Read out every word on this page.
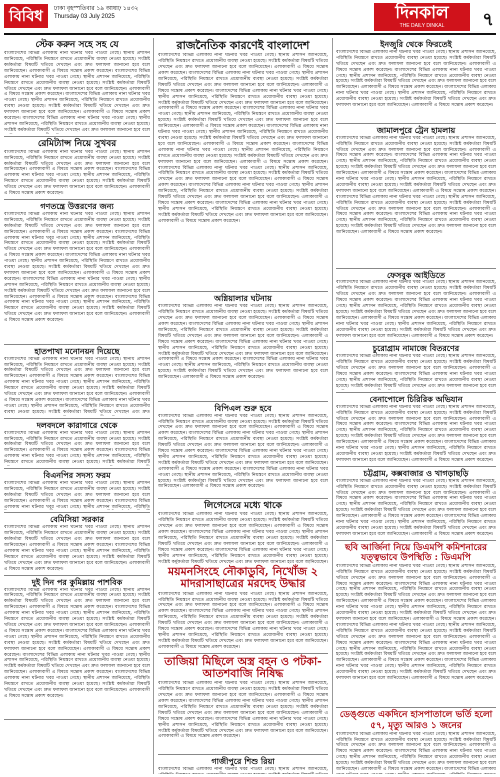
বিবিধ	ঢাকা বৃহস্পতিবার ১৯ আষাঢ় ১৪৩২
Thursday 03 July 2025	দিনকাল
THE DAILY DINKAL	৭
স্টেক করুন সহে সহ যে
বাংলাদেশের বিভিন্ন এলাকায় নানা ঘটনার খবর পাওয়া গেছে। স্থানীয় প্রশাসন জানিয়েছে, পরিস্থিতি নিয়ন্ত্রণে রাখতে প্রয়োজনীয় ব্যবস্থা নেওয়া হয়েছে। সংশ্লিষ্ট কর্মকর্তারা বিষয়টি খতিয়ে দেখছেন এবং দ্রুত ফলাফল জানানো হবে বলে জানিয়েছেন। এলাকাবাসী এ বিষয়ে সন্তোষ প্রকাশ করেছেন। বাংলাদেশের বিভিন্ন এলাকায় নানা ঘটনার খবর পাওয়া গেছে। স্থানীয় প্রশাসন জানিয়েছে, পরিস্থিতি নিয়ন্ত্রণে রাখতে প্রয়োজনীয় ব্যবস্থা নেওয়া হয়েছে। সংশ্লিষ্ট কর্মকর্তারা বিষয়টি খতিয়ে দেখছেন এবং দ্রুত ফলাফল জানানো হবে বলে জানিয়েছেন। এলাকাবাসী এ বিষয়ে সন্তোষ প্রকাশ করেছেন। বাংলাদেশের বিভিন্ন এলাকায় নানা ঘটনার খবর পাওয়া গেছে। স্থানীয় প্রশাসন জানিয়েছে, পরিস্থিতি নিয়ন্ত্রণে রাখতে প্রয়োজনীয় ব্যবস্থা নেওয়া হয়েছে। সংশ্লিষ্ট কর্মকর্তারা বিষয়টি খতিয়ে দেখছেন এবং দ্রুত ফলাফল জানানো হবে বলে জানিয়েছেন। এলাকাবাসী এ বিষয়ে সন্তোষ প্রকাশ করেছেন। বাংলাদেশের বিভিন্ন এলাকায় নানা ঘটনার খবর পাওয়া গেছে। স্থানীয় প্রশাসন জানিয়েছে, পরিস্থিতি নিয়ন্ত্রণে রাখতে প্রয়োজনীয় ব্যবস্থা নেওয়া হয়েছে। সংশ্লিষ্ট কর্মকর্তারা বিষয়টি খতিয়ে দেখছেন এবং দ্রুত ফলাফল জানানো হবে বলে
রেমিট্যান্স নিয়ে সুখবর
বাংলাদেশের বিভিন্ন এলাকায় নানা ঘটনার খবর পাওয়া গেছে। স্থানীয় প্রশাসন জানিয়েছে, পরিস্থিতি নিয়ন্ত্রণে রাখতে প্রয়োজনীয় ব্যবস্থা নেওয়া হয়েছে। সংশ্লিষ্ট কর্মকর্তারা বিষয়টি খতিয়ে দেখছেন এবং দ্রুত ফলাফল জানানো হবে বলে জানিয়েছেন। এলাকাবাসী এ বিষয়ে সন্তোষ প্রকাশ করেছেন। বাংলাদেশের বিভিন্ন এলাকায় নানা ঘটনার খবর পাওয়া গেছে। স্থানীয় প্রশাসন জানিয়েছে, পরিস্থিতি নিয়ন্ত্রণে রাখতে প্রয়োজনীয় ব্যবস্থা নেওয়া হয়েছে। সংশ্লিষ্ট কর্মকর্তারা বিষয়টি খতিয়ে দেখছেন এবং দ্রুত ফলাফল জানানো হবে বলে জানিয়েছেন। এলাকাবাসী এ বিষয়ে সন্তোষ প্রকাশ করেছেন।
গণতন্ত্রে উত্তরণের জন্য
বাংলাদেশের বিভিন্ন এলাকায় নানা ঘটনার খবর পাওয়া গেছে। স্থানীয় প্রশাসন জানিয়েছে, পরিস্থিতি নিয়ন্ত্রণে রাখতে প্রয়োজনীয় ব্যবস্থা নেওয়া হয়েছে। সংশ্লিষ্ট কর্মকর্তারা বিষয়টি খতিয়ে দেখছেন এবং দ্রুত ফলাফল জানানো হবে বলে জানিয়েছেন। এলাকাবাসী এ বিষয়ে সন্তোষ প্রকাশ করেছেন। বাংলাদেশের বিভিন্ন এলাকায় নানা ঘটনার খবর পাওয়া গেছে। স্থানীয় প্রশাসন জানিয়েছে, পরিস্থিতি নিয়ন্ত্রণে রাখতে প্রয়োজনীয় ব্যবস্থা নেওয়া হয়েছে। সংশ্লিষ্ট কর্মকর্তারা বিষয়টি খতিয়ে দেখছেন এবং দ্রুত ফলাফল জানানো হবে বলে জানিয়েছেন। এলাকাবাসী এ বিষয়ে সন্তোষ প্রকাশ করেছেন। বাংলাদেশের বিভিন্ন এলাকায় নানা ঘটনার খবর পাওয়া গেছে। স্থানীয় প্রশাসন জানিয়েছে, পরিস্থিতি নিয়ন্ত্রণে রাখতে প্রয়োজনীয় ব্যবস্থা নেওয়া হয়েছে। সংশ্লিষ্ট কর্মকর্তারা বিষয়টি খতিয়ে দেখছেন এবং দ্রুত ফলাফল জানানো হবে বলে জানিয়েছেন। এলাকাবাসী এ বিষয়ে সন্তোষ প্রকাশ করেছেন। বাংলাদেশের বিভিন্ন এলাকায় নানা ঘটনার খবর পাওয়া গেছে। স্থানীয় প্রশাসন জানিয়েছে, পরিস্থিতি নিয়ন্ত্রণে রাখতে প্রয়োজনীয় ব্যবস্থা নেওয়া হয়েছে। সংশ্লিষ্ট কর্মকর্তারা বিষয়টি খতিয়ে দেখছেন এবং দ্রুত ফলাফল জানানো হবে বলে জানিয়েছেন। এলাকাবাসী এ বিষয়ে সন্তোষ প্রকাশ করেছেন। বাংলাদেশের বিভিন্ন এলাকায় নানা ঘটনার খবর পাওয়া গেছে। স্থানীয় প্রশাসন জানিয়েছে, পরিস্থিতি নিয়ন্ত্রণে রাখতে প্রয়োজনীয় ব্যবস্থা নেওয়া হয়েছে। সংশ্লিষ্ট কর্মকর্তারা বিষয়টি খতিয়ে দেখছেন এবং দ্রুত ফলাফল জানানো হবে বলে জানিয়েছেন। এলাকাবাসী এ বিষয়ে সন্তোষ প্রকাশ করেছেন।
হাতপাখা মনোনয়ন দিয়েছে
বাংলাদেশের বিভিন্ন এলাকায় নানা ঘটনার খবর পাওয়া গেছে। স্থানীয় প্রশাসন জানিয়েছে, পরিস্থিতি নিয়ন্ত্রণে রাখতে প্রয়োজনীয় ব্যবস্থা নেওয়া হয়েছে। সংশ্লিষ্ট কর্মকর্তারা বিষয়টি খতিয়ে দেখছেন এবং দ্রুত ফলাফল জানানো হবে বলে জানিয়েছেন। এলাকাবাসী এ বিষয়ে সন্তোষ প্রকাশ করেছেন। বাংলাদেশের বিভিন্ন এলাকায় নানা ঘটনার খবর পাওয়া গেছে। স্থানীয় প্রশাসন জানিয়েছে, পরিস্থিতি নিয়ন্ত্রণে রাখতে প্রয়োজনীয় ব্যবস্থা নেওয়া হয়েছে। সংশ্লিষ্ট কর্মকর্তারা বিষয়টি খতিয়ে দেখছেন এবং দ্রুত ফলাফল জানানো হবে বলে জানিয়েছেন। এলাকাবাসী এ বিষয়ে সন্তোষ প্রকাশ করেছেন। বাংলাদেশের বিভিন্ন এলাকায় নানা ঘটনার খবর পাওয়া গেছে। স্থানীয় প্রশাসন জানিয়েছে, পরিস্থিতি নিয়ন্ত্রণে রাখতে প্রয়োজনীয় ব্যবস্থা নেওয়া হয়েছে। সংশ্লিষ্ট কর্মকর্তারা বিষয়টি খতিয়ে দেখছেন এবং দ্রুত
দলবদলে কারাগারে থেকে
বাংলাদেশের বিভিন্ন এলাকায় নানা ঘটনার খবর পাওয়া গেছে। স্থানীয় প্রশাসন জানিয়েছে, পরিস্থিতি নিয়ন্ত্রণে রাখতে প্রয়োজনীয় ব্যবস্থা নেওয়া হয়েছে। সংশ্লিষ্ট কর্মকর্তারা বিষয়টি খতিয়ে দেখছেন এবং দ্রুত ফলাফল জানানো হবে বলে জানিয়েছেন। এলাকাবাসী এ বিষয়ে সন্তোষ প্রকাশ করেছেন। বাংলাদেশের বিভিন্ন এলাকায় নানা ঘটনার খবর পাওয়া গেছে। স্থানীয় প্রশাসন জানিয়েছে, পরিস্থিতি নিয়ন্ত্রণে রাখতে প্রয়োজনীয় ব্যবস্থা নেওয়া হয়েছে। সংশ্লিষ্ট কর্মকর্তারা বিষয়টি
বিএনপির সদস্য ফরম
বাংলাদেশের বিভিন্ন এলাকায় নানা ঘটনার খবর পাওয়া গেছে। স্থানীয় প্রশাসন জানিয়েছে, পরিস্থিতি নিয়ন্ত্রণে রাখতে প্রয়োজনীয় ব্যবস্থা নেওয়া হয়েছে। সংশ্লিষ্ট কর্মকর্তারা বিষয়টি খতিয়ে দেখছেন এবং দ্রুত ফলাফল জানানো হবে বলে জানিয়েছেন। এলাকাবাসী এ বিষয়ে সন্তোষ প্রকাশ করেছেন। বাংলাদেশের বিভিন্ন এলাকায় নানা ঘটনার খবর পাওয়া গেছে। স্থানীয় প্রশাসন জানিয়েছে, পরিস্থিতি
বেমিসিয়া সরকার
বাংলাদেশের বিভিন্ন এলাকায় নানা ঘটনার খবর পাওয়া গেছে। স্থানীয় প্রশাসন জানিয়েছে, পরিস্থিতি নিয়ন্ত্রণে রাখতে প্রয়োজনীয় ব্যবস্থা নেওয়া হয়েছে। সংশ্লিষ্ট কর্মকর্তারা বিষয়টি খতিয়ে দেখছেন এবং দ্রুত ফলাফল জানানো হবে বলে জানিয়েছেন। এলাকাবাসী এ বিষয়ে সন্তোষ প্রকাশ করেছেন। বাংলাদেশের বিভিন্ন এলাকায় নানা ঘটনার খবর পাওয়া গেছে। স্থানীয় প্রশাসন জানিয়েছে, পরিস্থিতি নিয়ন্ত্রণে রাখতে প্রয়োজনীয় ব্যবস্থা নেওয়া হয়েছে। সংশ্লিষ্ট কর্মকর্তারা বিষয়টি খতিয়ে দেখছেন এবং দ্রুত ফলাফল জানানো হবে বলে জানিয়েছেন। এলাকাবাসী এ বিষয়ে সন্তোষ প্রকাশ করেছেন।
দুই দিন পর কুমিল্লায় পাশবিক
বাংলাদেশের বিভিন্ন এলাকায় নানা ঘটনার খবর পাওয়া গেছে। স্থানীয় প্রশাসন জানিয়েছে, পরিস্থিতি নিয়ন্ত্রণে রাখতে প্রয়োজনীয় ব্যবস্থা নেওয়া হয়েছে। সংশ্লিষ্ট কর্মকর্তারা বিষয়টি খতিয়ে দেখছেন এবং দ্রুত ফলাফল জানানো হবে বলে জানিয়েছেন। এলাকাবাসী এ বিষয়ে সন্তোষ প্রকাশ করেছেন। বাংলাদেশের বিভিন্ন এলাকায় নানা ঘটনার খবর পাওয়া গেছে। স্থানীয় প্রশাসন জানিয়েছে, পরিস্থিতি নিয়ন্ত্রণে রাখতে প্রয়োজনীয় ব্যবস্থা নেওয়া হয়েছে। সংশ্লিষ্ট কর্মকর্তারা বিষয়টি খতিয়ে দেখছেন এবং দ্রুত ফলাফল জানানো হবে বলে জানিয়েছেন। এলাকাবাসী এ বিষয়ে সন্তোষ প্রকাশ করেছেন। বাংলাদেশের বিভিন্ন এলাকায় নানা ঘটনার খবর পাওয়া গেছে। স্থানীয় প্রশাসন জানিয়েছে, পরিস্থিতি নিয়ন্ত্রণে রাখতে প্রয়োজনীয় ব্যবস্থা নেওয়া হয়েছে। সংশ্লিষ্ট কর্মকর্তারা বিষয়টি খতিয়ে দেখছেন এবং দ্রুত ফলাফল জানানো হবে বলে জানিয়েছেন। এলাকাবাসী এ বিষয়ে সন্তোষ প্রকাশ করেছেন। বাংলাদেশের বিভিন্ন এলাকায় নানা ঘটনার খবর পাওয়া গেছে। স্থানীয় প্রশাসন জানিয়েছে, পরিস্থিতি নিয়ন্ত্রণে রাখতে প্রয়োজনীয় ব্যবস্থা নেওয়া হয়েছে। সংশ্লিষ্ট কর্মকর্তারা বিষয়টি খতিয়ে দেখছেন এবং দ্রুত ফলাফল জানানো হবে বলে জানিয়েছেন। এলাকাবাসী এ বিষয়ে সন্তোষ প্রকাশ করেছেন। বাংলাদেশের বিভিন্ন এলাকায় নানা ঘটনার খবর পাওয়া গেছে। স্থানীয় প্রশাসন জানিয়েছে, পরিস্থিতি নিয়ন্ত্রণে রাখতে প্রয়োজনীয় ব্যবস্থা নেওয়া হয়েছে। সংশ্লিষ্ট কর্মকর্তারা বিষয়টি খতিয়ে দেখছেন এবং দ্রুত ফলাফল জানানো হবে বলে জানিয়েছেন। এলাকাবাসী এ বিষয়ে সন্তোষ প্রকাশ করেছেন।
রাজনৈতিক কারণেই বাংলাদেশ
বাংলাদেশের বিভিন্ন এলাকায় নানা ঘটনার খবর পাওয়া গেছে। স্থানীয় প্রশাসন জানিয়েছে, পরিস্থিতি নিয়ন্ত্রণে রাখতে প্রয়োজনীয় ব্যবস্থা নেওয়া হয়েছে। সংশ্লিষ্ট কর্মকর্তারা বিষয়টি খতিয়ে দেখছেন এবং দ্রুত ফলাফল জানানো হবে বলে জানিয়েছেন। এলাকাবাসী এ বিষয়ে সন্তোষ প্রকাশ করেছেন। বাংলাদেশের বিভিন্ন এলাকায় নানা ঘটনার খবর পাওয়া গেছে। স্থানীয় প্রশাসন জানিয়েছে, পরিস্থিতি নিয়ন্ত্রণে রাখতে প্রয়োজনীয় ব্যবস্থা নেওয়া হয়েছে। সংশ্লিষ্ট কর্মকর্তারা বিষয়টি খতিয়ে দেখছেন এবং দ্রুত ফলাফল জানানো হবে বলে জানিয়েছেন। এলাকাবাসী এ বিষয়ে সন্তোষ প্রকাশ করেছেন। বাংলাদেশের বিভিন্ন এলাকায় নানা ঘটনার খবর পাওয়া গেছে। স্থানীয় প্রশাসন জানিয়েছে, পরিস্থিতি নিয়ন্ত্রণে রাখতে প্রয়োজনীয় ব্যবস্থা নেওয়া হয়েছে। সংশ্লিষ্ট কর্মকর্তারা বিষয়টি খতিয়ে দেখছেন এবং দ্রুত ফলাফল জানানো হবে বলে জানিয়েছেন। এলাকাবাসী এ বিষয়ে সন্তোষ প্রকাশ করেছেন। বাংলাদেশের বিভিন্ন এলাকায় নানা ঘটনার খবর পাওয়া গেছে। স্থানীয় প্রশাসন জানিয়েছে, পরিস্থিতি নিয়ন্ত্রণে রাখতে প্রয়োজনীয় ব্যবস্থা নেওয়া হয়েছে। সংশ্লিষ্ট কর্মকর্তারা বিষয়টি খতিয়ে দেখছেন এবং দ্রুত ফলাফল জানানো হবে বলে জানিয়েছেন। এলাকাবাসী এ বিষয়ে সন্তোষ প্রকাশ করেছেন। বাংলাদেশের বিভিন্ন এলাকায় নানা ঘটনার খবর পাওয়া গেছে। স্থানীয় প্রশাসন জানিয়েছে, পরিস্থিতি নিয়ন্ত্রণে রাখতে প্রয়োজনীয় ব্যবস্থা নেওয়া হয়েছে। সংশ্লিষ্ট কর্মকর্তারা বিষয়টি খতিয়ে দেখছেন এবং দ্রুত ফলাফল জানানো হবে বলে জানিয়েছেন। এলাকাবাসী এ বিষয়ে সন্তোষ প্রকাশ করেছেন। বাংলাদেশের বিভিন্ন এলাকায় নানা ঘটনার খবর পাওয়া গেছে। স্থানীয় প্রশাসন জানিয়েছে, পরিস্থিতি নিয়ন্ত্রণে রাখতে প্রয়োজনীয় ব্যবস্থা নেওয়া হয়েছে। সংশ্লিষ্ট কর্মকর্তারা বিষয়টি খতিয়ে দেখছেন এবং দ্রুত ফলাফল জানানো হবে বলে জানিয়েছেন। এলাকাবাসী এ বিষয়ে সন্তোষ প্রকাশ করেছেন। বাংলাদেশের বিভিন্ন এলাকায় নানা ঘটনার খবর পাওয়া গেছে। স্থানীয় প্রশাসন জানিয়েছে, পরিস্থিতি নিয়ন্ত্রণে রাখতে প্রয়োজনীয় ব্যবস্থা নেওয়া হয়েছে। সংশ্লিষ্ট কর্মকর্তারা বিষয়টি খতিয়ে দেখছেন এবং দ্রুত ফলাফল জানানো হবে বলে জানিয়েছেন। এলাকাবাসী এ বিষয়ে সন্তোষ প্রকাশ করেছেন। বাংলাদেশের বিভিন্ন এলাকায় নানা ঘটনার খবর পাওয়া গেছে। স্থানীয় প্রশাসন জানিয়েছে, পরিস্থিতি নিয়ন্ত্রণে রাখতে প্রয়োজনীয় ব্যবস্থা নেওয়া হয়েছে। সংশ্লিষ্ট কর্মকর্তারা বিষয়টি খতিয়ে দেখছেন এবং দ্রুত ফলাফল জানানো হবে বলে জানিয়েছেন। এলাকাবাসী এ বিষয়ে সন্তোষ প্রকাশ করেছেন। বাংলাদেশের বিভিন্ন এলাকায় নানা ঘটনার খবর পাওয়া গেছে। স্থানীয় প্রশাসন জানিয়েছে, পরিস্থিতি নিয়ন্ত্রণে রাখতে প্রয়োজনীয় ব্যবস্থা নেওয়া হয়েছে। সংশ্লিষ্ট কর্মকর্তারা বিষয়টি খতিয়ে দেখছেন এবং দ্রুত ফলাফল জানানো হবে বলে জানিয়েছেন। এলাকাবাসী এ বিষয়ে সন্তোষ প্রকাশ করেছেন।
অগ্নিয়ালার ঘটনায়
বাংলাদেশের বিভিন্ন এলাকায় নানা ঘটনার খবর পাওয়া গেছে। স্থানীয় প্রশাসন জানিয়েছে, পরিস্থিতি নিয়ন্ত্রণে রাখতে প্রয়োজনীয় ব্যবস্থা নেওয়া হয়েছে। সংশ্লিষ্ট কর্মকর্তারা বিষয়টি খতিয়ে দেখছেন এবং দ্রুত ফলাফল জানানো হবে বলে জানিয়েছেন। এলাকাবাসী এ বিষয়ে সন্তোষ প্রকাশ করেছেন। বাংলাদেশের বিভিন্ন এলাকায় নানা ঘটনার খবর পাওয়া গেছে। স্থানীয় প্রশাসন জানিয়েছে, পরিস্থিতি নিয়ন্ত্রণে রাখতে প্রয়োজনীয় ব্যবস্থা নেওয়া হয়েছে। সংশ্লিষ্ট কর্মকর্তারা বিষয়টি খতিয়ে দেখছেন এবং দ্রুত ফলাফল জানানো হবে বলে জানিয়েছেন। এলাকাবাসী এ বিষয়ে সন্তোষ প্রকাশ করেছেন। বাংলাদেশের বিভিন্ন এলাকায় নানা ঘটনার খবর পাওয়া গেছে। স্থানীয় প্রশাসন জানিয়েছে, পরিস্থিতি নিয়ন্ত্রণে রাখতে প্রয়োজনীয় ব্যবস্থা নেওয়া হয়েছে। সংশ্লিষ্ট কর্মকর্তারা বিষয়টি খতিয়ে দেখছেন এবং দ্রুত ফলাফল জানানো হবে বলে জানিয়েছেন। এলাকাবাসী এ বিষয়ে সন্তোষ প্রকাশ করেছেন। বাংলাদেশের বিভিন্ন এলাকায় নানা ঘটনার খবর পাওয়া গেছে। স্থানীয় প্রশাসন জানিয়েছে, পরিস্থিতি নিয়ন্ত্রণে রাখতে প্রয়োজনীয় ব্যবস্থা নেওয়া হয়েছে। সংশ্লিষ্ট কর্মকর্তারা বিষয়টি খতিয়ে দেখছেন এবং দ্রুত ফলাফল জানানো হবে বলে জানিয়েছেন। এলাকাবাসী এ বিষয়ে সন্তোষ প্রকাশ করেছেন।
বিপিএল শুরু হবে
বাংলাদেশের বিভিন্ন এলাকায় নানা ঘটনার খবর পাওয়া গেছে। স্থানীয় প্রশাসন জানিয়েছে, পরিস্থিতি নিয়ন্ত্রণে রাখতে প্রয়োজনীয় ব্যবস্থা নেওয়া হয়েছে। সংশ্লিষ্ট কর্মকর্তারা বিষয়টি খতিয়ে দেখছেন এবং দ্রুত ফলাফল জানানো হবে বলে জানিয়েছেন। এলাকাবাসী এ বিষয়ে সন্তোষ প্রকাশ করেছেন। বাংলাদেশের বিভিন্ন এলাকায় নানা ঘটনার খবর পাওয়া গেছে। স্থানীয় প্রশাসন জানিয়েছে, পরিস্থিতি নিয়ন্ত্রণে রাখতে প্রয়োজনীয় ব্যবস্থা নেওয়া হয়েছে। সংশ্লিষ্ট কর্মকর্তারা বিষয়টি খতিয়ে দেখছেন এবং দ্রুত ফলাফল জানানো হবে বলে জানিয়েছেন। এলাকাবাসী এ বিষয়ে সন্তোষ প্রকাশ করেছেন। বাংলাদেশের বিভিন্ন এলাকায় নানা ঘটনার খবর পাওয়া গেছে। স্থানীয় প্রশাসন জানিয়েছে, পরিস্থিতি নিয়ন্ত্রণে রাখতে প্রয়োজনীয় ব্যবস্থা নেওয়া হয়েছে। সংশ্লিষ্ট কর্মকর্তারা বিষয়টি খতিয়ে দেখছেন এবং দ্রুত ফলাফল জানানো হবে বলে জানিয়েছেন। এলাকাবাসী এ বিষয়ে সন্তোষ প্রকাশ করেছেন। বাংলাদেশের বিভিন্ন এলাকায় নানা ঘটনার খবর পাওয়া গেছে। স্থানীয় প্রশাসন জানিয়েছে, পরিস্থিতি নিয়ন্ত্রণে রাখতে প্রয়োজনীয় ব্যবস্থা নেওয়া হয়েছে। সংশ্লিষ্ট কর্মকর্তারা বিষয়টি খতিয়ে দেখছেন এবং দ্রুত ফলাফল জানানো হবে বলে জানিয়েছেন। এলাকাবাসী এ বিষয়ে সন্তোষ প্রকাশ করেছেন।
লিগেসেরে মধ্যে থাকে
বাংলাদেশের বিভিন্ন এলাকায় নানা ঘটনার খবর পাওয়া গেছে। স্থানীয় প্রশাসন জানিয়েছে, পরিস্থিতি নিয়ন্ত্রণে রাখতে প্রয়োজনীয় ব্যবস্থা নেওয়া হয়েছে। সংশ্লিষ্ট কর্মকর্তারা বিষয়টি খতিয়ে দেখছেন এবং দ্রুত ফলাফল জানানো হবে বলে জানিয়েছেন। এলাকাবাসী এ বিষয়ে সন্তোষ প্রকাশ করেছেন। বাংলাদেশের বিভিন্ন এলাকায় নানা ঘটনার খবর পাওয়া গেছে। স্থানীয় প্রশাসন জানিয়েছে, পরিস্থিতি নিয়ন্ত্রণে রাখতে প্রয়োজনীয় ব্যবস্থা নেওয়া হয়েছে। সংশ্লিষ্ট কর্মকর্তারা বিষয়টি খতিয়ে দেখছেন এবং দ্রুত ফলাফল জানানো হবে বলে জানিয়েছেন। এলাকাবাসী এ বিষয়ে সন্তোষ প্রকাশ করেছেন। বাংলাদেশের বিভিন্ন এলাকায় নানা ঘটনার খবর পাওয়া গেছে। স্থানীয় প্রশাসন জানিয়েছে, পরিস্থিতি নিয়ন্ত্রণে রাখতে প্রয়োজনীয় ব্যবস্থা নেওয়া হয়েছে। সংশ্লিষ্ট কর্মকর্তারা বিষয়টি খতিয়ে দেখছেন এবং দ্রুত ফলাফল জানানো হবে বলে জানিয়েছেন।
ময়মনসিংহে নৌকাডুবি, নিখোঁজ ২ মাদরাসাছাত্রের মরদেহ উদ্ধার
বাংলাদেশের বিভিন্ন এলাকায় নানা ঘটনার খবর পাওয়া গেছে। স্থানীয় প্রশাসন জানিয়েছে, পরিস্থিতি নিয়ন্ত্রণে রাখতে প্রয়োজনীয় ব্যবস্থা নেওয়া হয়েছে। সংশ্লিষ্ট কর্মকর্তারা বিষয়টি খতিয়ে দেখছেন এবং দ্রুত ফলাফল জানানো হবে বলে জানিয়েছেন। এলাকাবাসী এ বিষয়ে সন্তোষ প্রকাশ করেছেন। বাংলাদেশের বিভিন্ন এলাকায় নানা ঘটনার খবর পাওয়া গেছে। স্থানীয় প্রশাসন জানিয়েছে, পরিস্থিতি নিয়ন্ত্রণে রাখতে প্রয়োজনীয় ব্যবস্থা নেওয়া হয়েছে। সংশ্লিষ্ট কর্মকর্তারা বিষয়টি খতিয়ে দেখছেন এবং দ্রুত ফলাফল জানানো হবে বলে জানিয়েছেন। এলাকাবাসী এ বিষয়ে সন্তোষ প্রকাশ করেছেন। বাংলাদেশের বিভিন্ন এলাকায় নানা ঘটনার খবর পাওয়া গেছে। স্থানীয় প্রশাসন জানিয়েছে, পরিস্থিতি নিয়ন্ত্রণে রাখতে প্রয়োজনীয় ব্যবস্থা নেওয়া হয়েছে। সংশ্লিষ্ট কর্মকর্তারা বিষয়টি খতিয়ে দেখছেন এবং দ্রুত ফলাফল জানানো হবে বলে জানিয়েছেন। এলাকাবাসী এ বিষয়ে সন্তোষ প্রকাশ করেছেন।
তাজিয়া মিছিলে অস্ত্র বহন ও পটকা-আতশবাজি নিষিদ্ধ
বাংলাদেশের বিভিন্ন এলাকায় নানা ঘটনার খবর পাওয়া গেছে। স্থানীয় প্রশাসন জানিয়েছে, পরিস্থিতি নিয়ন্ত্রণে রাখতে প্রয়োজনীয় ব্যবস্থা নেওয়া হয়েছে। সংশ্লিষ্ট কর্মকর্তারা বিষয়টি খতিয়ে দেখছেন এবং দ্রুত ফলাফল জানানো হবে বলে জানিয়েছেন। এলাকাবাসী এ বিষয়ে সন্তোষ প্রকাশ করেছেন। বাংলাদেশের বিভিন্ন এলাকায় নানা ঘটনার খবর পাওয়া গেছে। স্থানীয় প্রশাসন জানিয়েছে, পরিস্থিতি নিয়ন্ত্রণে রাখতে প্রয়োজনীয় ব্যবস্থা নেওয়া হয়েছে। সংশ্লিষ্ট কর্মকর্তারা বিষয়টি খতিয়ে দেখছেন এবং দ্রুত ফলাফল জানানো হবে বলে জানিয়েছেন। এলাকাবাসী এ বিষয়ে সন্তোষ প্রকাশ করেছেন। বাংলাদেশের বিভিন্ন এলাকায় নানা ঘটনার খবর পাওয়া গেছে। স্থানীয় প্রশাসন জানিয়েছে, পরিস্থিতি নিয়ন্ত্রণে রাখতে প্রয়োজনীয় ব্যবস্থা নেওয়া হয়েছে। সংশ্লিষ্ট কর্মকর্তারা বিষয়টি খতিয়ে দেখছেন এবং দ্রুত ফলাফল জানানো হবে বলে জানিয়েছেন। এলাকাবাসী এ বিষয়ে সন্তোষ প্রকাশ করেছেন।
গাজীপুরে শিশু রিয়া
বাংলাদেশের বিভিন্ন এলাকায় নানা ঘটনার খবর পাওয়া গেছে। স্থানীয় প্রশাসন জানিয়েছে,
ইনজুরি থেকে ফিরতেই
বাংলাদেশের বিভিন্ন এলাকায় নানা ঘটনার খবর পাওয়া গেছে। স্থানীয় প্রশাসন জানিয়েছে, পরিস্থিতি নিয়ন্ত্রণে রাখতে প্রয়োজনীয় ব্যবস্থা নেওয়া হয়েছে। সংশ্লিষ্ট কর্মকর্তারা বিষয়টি খতিয়ে দেখছেন এবং দ্রুত ফলাফল জানানো হবে বলে জানিয়েছেন। এলাকাবাসী এ বিষয়ে সন্তোষ প্রকাশ করেছেন। বাংলাদেশের বিভিন্ন এলাকায় নানা ঘটনার খবর পাওয়া গেছে। স্থানীয় প্রশাসন জানিয়েছে, পরিস্থিতি নিয়ন্ত্রণে রাখতে প্রয়োজনীয় ব্যবস্থা নেওয়া হয়েছে। সংশ্লিষ্ট কর্মকর্তারা বিষয়টি খতিয়ে দেখছেন এবং দ্রুত ফলাফল জানানো হবে বলে জানিয়েছেন। এলাকাবাসী এ বিষয়ে সন্তোষ প্রকাশ করেছেন। বাংলাদেশের বিভিন্ন এলাকায় নানা ঘটনার খবর পাওয়া গেছে। স্থানীয় প্রশাসন জানিয়েছে, পরিস্থিতি নিয়ন্ত্রণে রাখতে প্রয়োজনীয় ব্যবস্থা নেওয়া হয়েছে। সংশ্লিষ্ট কর্মকর্তারা বিষয়টি খতিয়ে দেখছেন এবং দ্রুত ফলাফল জানানো হবে বলে জানিয়েছেন। এলাকাবাসী এ বিষয়ে সন্তোষ প্রকাশ করেছেন।
জামালপুরে ট্রেন হামলায়
বাংলাদেশের বিভিন্ন এলাকায় নানা ঘটনার খবর পাওয়া গেছে। স্থানীয় প্রশাসন জানিয়েছে, পরিস্থিতি নিয়ন্ত্রণে রাখতে প্রয়োজনীয় ব্যবস্থা নেওয়া হয়েছে। সংশ্লিষ্ট কর্মকর্তারা বিষয়টি খতিয়ে দেখছেন এবং দ্রুত ফলাফল জানানো হবে বলে জানিয়েছেন। এলাকাবাসী এ বিষয়ে সন্তোষ প্রকাশ করেছেন। বাংলাদেশের বিভিন্ন এলাকায় নানা ঘটনার খবর পাওয়া গেছে। স্থানীয় প্রশাসন জানিয়েছে, পরিস্থিতি নিয়ন্ত্রণে রাখতে প্রয়োজনীয় ব্যবস্থা নেওয়া হয়েছে। সংশ্লিষ্ট কর্মকর্তারা বিষয়টি খতিয়ে দেখছেন এবং দ্রুত ফলাফল জানানো হবে বলে জানিয়েছেন। এলাকাবাসী এ বিষয়ে সন্তোষ প্রকাশ করেছেন। বাংলাদেশের বিভিন্ন এলাকায় নানা ঘটনার খবর পাওয়া গেছে। স্থানীয় প্রশাসন জানিয়েছে, পরিস্থিতি নিয়ন্ত্রণে রাখতে প্রয়োজনীয় ব্যবস্থা নেওয়া হয়েছে। সংশ্লিষ্ট কর্মকর্তারা বিষয়টি খতিয়ে দেখছেন এবং দ্রুত ফলাফল জানানো হবে বলে জানিয়েছেন। এলাকাবাসী এ বিষয়ে সন্তোষ প্রকাশ করেছেন। বাংলাদেশের বিভিন্ন এলাকায় নানা ঘটনার খবর পাওয়া গেছে। স্থানীয় প্রশাসন জানিয়েছে, পরিস্থিতি নিয়ন্ত্রণে রাখতে প্রয়োজনীয় ব্যবস্থা নেওয়া হয়েছে। সংশ্লিষ্ট কর্মকর্তারা বিষয়টি খতিয়ে দেখছেন এবং দ্রুত ফলাফল জানানো হবে বলে জানিয়েছেন। এলাকাবাসী এ বিষয়ে সন্তোষ প্রকাশ করেছেন। বাংলাদেশের বিভিন্ন এলাকায় নানা ঘটনার খবর পাওয়া গেছে। স্থানীয় প্রশাসন জানিয়েছে, পরিস্থিতি নিয়ন্ত্রণে রাখতে প্রয়োজনীয় ব্যবস্থা নেওয়া হয়েছে। সংশ্লিষ্ট কর্মকর্তারা বিষয়টি খতিয়ে দেখছেন এবং দ্রুত ফলাফল জানানো হবে বলে জানিয়েছেন। এলাকাবাসী এ বিষয়ে সন্তোষ প্রকাশ করেছেন।
ফেসবুক আইডিতে
বাংলাদেশের বিভিন্ন এলাকায় নানা ঘটনার খবর পাওয়া গেছে। স্থানীয় প্রশাসন জানিয়েছে, পরিস্থিতি নিয়ন্ত্রণে রাখতে প্রয়োজনীয় ব্যবস্থা নেওয়া হয়েছে। সংশ্লিষ্ট কর্মকর্তারা বিষয়টি খতিয়ে দেখছেন এবং দ্রুত ফলাফল জানানো হবে বলে জানিয়েছেন। এলাকাবাসী এ বিষয়ে সন্তোষ প্রকাশ করেছেন। বাংলাদেশের বিভিন্ন এলাকায় নানা ঘটনার খবর পাওয়া গেছে। স্থানীয় প্রশাসন জানিয়েছে, পরিস্থিতি নিয়ন্ত্রণে রাখতে প্রয়োজনীয় ব্যবস্থা নেওয়া হয়েছে। সংশ্লিষ্ট কর্মকর্তারা বিষয়টি খতিয়ে দেখছেন এবং দ্রুত ফলাফল জানানো হবে বলে জানিয়েছেন। এলাকাবাসী এ বিষয়ে সন্তোষ প্রকাশ করেছেন। বাংলাদেশের বিভিন্ন এলাকায় নানা ঘটনার খবর পাওয়া গেছে। স্থানীয় প্রশাসন জানিয়েছে, পরিস্থিতি নিয়ন্ত্রণে রাখতে প্রয়োজনীয় ব্যবস্থা নেওয়া হয়েছে। সংশ্লিষ্ট কর্মকর্তারা বিষয়টি খতিয়ে দেখছেন এবং দ্রুত ফলাফল জানানো হবে বলে জানিয়েছেন। এলাকাবাসী এ বিষয়ে সন্তোষ প্রকাশ করেছেন।
চুরোগ্রাম নামাজে বিতরণের
বাংলাদেশের বিভিন্ন এলাকায় নানা ঘটনার খবর পাওয়া গেছে। স্থানীয় প্রশাসন জানিয়েছে, পরিস্থিতি নিয়ন্ত্রণে রাখতে প্রয়োজনীয় ব্যবস্থা নেওয়া হয়েছে। সংশ্লিষ্ট কর্মকর্তারা বিষয়টি খতিয়ে দেখছেন এবং দ্রুত ফলাফল জানানো হবে বলে জানিয়েছেন। এলাকাবাসী এ বিষয়ে সন্তোষ প্রকাশ করেছেন। বাংলাদেশের বিভিন্ন এলাকায় নানা ঘটনার খবর পাওয়া গেছে। স্থানীয় প্রশাসন জানিয়েছে, পরিস্থিতি নিয়ন্ত্রণে রাখতে প্রয়োজনীয় ব্যবস্থা নেওয়া হয়েছে। সংশ্লিষ্ট কর্মকর্তারা বিষয়টি খতিয়ে দেখছেন এবং দ্রুত ফলাফল জানানো হবে বলে
বেনাপোলে চিরিরিক অভিযান
বাংলাদেশের বিভিন্ন এলাকায় নানা ঘটনার খবর পাওয়া গেছে। স্থানীয় প্রশাসন জানিয়েছে, পরিস্থিতি নিয়ন্ত্রণে রাখতে প্রয়োজনীয় ব্যবস্থা নেওয়া হয়েছে। সংশ্লিষ্ট কর্মকর্তারা বিষয়টি খতিয়ে দেখছেন এবং দ্রুত ফলাফল জানানো হবে বলে জানিয়েছেন। এলাকাবাসী এ বিষয়ে সন্তোষ প্রকাশ করেছেন। বাংলাদেশের বিভিন্ন এলাকায় নানা ঘটনার খবর পাওয়া গেছে। স্থানীয় প্রশাসন জানিয়েছে, পরিস্থিতি নিয়ন্ত্রণে রাখতে প্রয়োজনীয় ব্যবস্থা নেওয়া হয়েছে। সংশ্লিষ্ট কর্মকর্তারা বিষয়টি খতিয়ে দেখছেন এবং দ্রুত ফলাফল জানানো হবে বলে জানিয়েছেন। এলাকাবাসী এ বিষয়ে সন্তোষ প্রকাশ করেছেন। বাংলাদেশের বিভিন্ন এলাকায় নানা ঘটনার খবর পাওয়া গেছে। স্থানীয় প্রশাসন জানিয়েছে, পরিস্থিতি নিয়ন্ত্রণে রাখতে প্রয়োজনীয় ব্যবস্থা নেওয়া হয়েছে। সংশ্লিষ্ট কর্মকর্তারা বিষয়টি খতিয়ে দেখছেন এবং দ্রুত ফলাফল জানানো হবে বলে জানিয়েছেন। এলাকাবাসী এ বিষয়ে সন্তোষ প্রকাশ করেছেন।
চট্টগ্রাম, কক্সবাজার ও খাগড়াছড়ি
বাংলাদেশের বিভিন্ন এলাকায় নানা ঘটনার খবর পাওয়া গেছে। স্থানীয় প্রশাসন জানিয়েছে, পরিস্থিতি নিয়ন্ত্রণে রাখতে প্রয়োজনীয় ব্যবস্থা নেওয়া হয়েছে। সংশ্লিষ্ট কর্মকর্তারা বিষয়টি খতিয়ে দেখছেন এবং দ্রুত ফলাফল জানানো হবে বলে জানিয়েছেন। এলাকাবাসী এ বিষয়ে সন্তোষ প্রকাশ করেছেন। বাংলাদেশের বিভিন্ন এলাকায় নানা ঘটনার খবর পাওয়া গেছে। স্থানীয় প্রশাসন জানিয়েছে, পরিস্থিতি নিয়ন্ত্রণে রাখতে প্রয়োজনীয় ব্যবস্থা নেওয়া হয়েছে। সংশ্লিষ্ট কর্মকর্তারা বিষয়টি খতিয়ে দেখছেন এবং দ্রুত ফলাফল জানানো হবে বলে জানিয়েছেন। এলাকাবাসী এ বিষয়ে সন্তোষ প্রকাশ করেছেন। বাংলাদেশের বিভিন্ন এলাকায় নানা ঘটনার খবর পাওয়া গেছে। স্থানীয় প্রশাসন জানিয়েছে, পরিস্থিতি নিয়ন্ত্রণে রাখতে প্রয়োজনীয় ব্যবস্থা নেওয়া হয়েছে। সংশ্লিষ্ট কর্মকর্তারা বিষয়টি খতিয়ে দেখছেন এবং দ্রুত ফলাফল জানানো হবে বলে জানিয়েছেন। এলাকাবাসী এ বিষয়ে সন্তোষ প্রকাশ করেছেন।
ছবি আর্জিনা নিয়ে ডিএমপি কমিশনারের যত্ত্বভাবে উপস্থিতি : ডিএমপি
বাংলাদেশের বিভিন্ন এলাকায় নানা ঘটনার খবর পাওয়া গেছে। স্থানীয় প্রশাসন জানিয়েছে, পরিস্থিতি নিয়ন্ত্রণে রাখতে প্রয়োজনীয় ব্যবস্থা নেওয়া হয়েছে। সংশ্লিষ্ট কর্মকর্তারা বিষয়টি খতিয়ে দেখছেন এবং দ্রুত ফলাফল জানানো হবে বলে জানিয়েছেন। এলাকাবাসী এ বিষয়ে সন্তোষ প্রকাশ করেছেন। বাংলাদেশের বিভিন্ন এলাকায় নানা ঘটনার খবর পাওয়া গেছে। স্থানীয় প্রশাসন জানিয়েছে, পরিস্থিতি নিয়ন্ত্রণে রাখতে প্রয়োজনীয় ব্যবস্থা নেওয়া হয়েছে। সংশ্লিষ্ট কর্মকর্তারা বিষয়টি খতিয়ে দেখছেন এবং দ্রুত ফলাফল জানানো হবে বলে জানিয়েছেন। এলাকাবাসী এ বিষয়ে সন্তোষ প্রকাশ করেছেন। বাংলাদেশের বিভিন্ন এলাকায় নানা ঘটনার খবর পাওয়া গেছে। স্থানীয় প্রশাসন জানিয়েছে, পরিস্থিতি নিয়ন্ত্রণে রাখতে প্রয়োজনীয় ব্যবস্থা নেওয়া হয়েছে। সংশ্লিষ্ট কর্মকর্তারা বিষয়টি খতিয়ে দেখছেন এবং দ্রুত ফলাফল জানানো হবে বলে জানিয়েছেন। এলাকাবাসী এ বিষয়ে সন্তোষ প্রকাশ করেছেন। বাংলাদেশের বিভিন্ন এলাকায় নানা ঘটনার খবর পাওয়া গেছে। স্থানীয় প্রশাসন জানিয়েছে, পরিস্থিতি নিয়ন্ত্রণে রাখতে প্রয়োজনীয় ব্যবস্থা নেওয়া হয়েছে। সংশ্লিষ্ট কর্মকর্তারা বিষয়টি খতিয়ে দেখছেন এবং দ্রুত ফলাফল জানানো হবে বলে জানিয়েছেন। এলাকাবাসী এ বিষয়ে সন্তোষ প্রকাশ করেছেন। বাংলাদেশের বিভিন্ন এলাকায় নানা ঘটনার খবর পাওয়া গেছে। স্থানীয় প্রশাসন জানিয়েছে, পরিস্থিতি নিয়ন্ত্রণে রাখতে প্রয়োজনীয় ব্যবস্থা নেওয়া হয়েছে। সংশ্লিষ্ট কর্মকর্তারা বিষয়টি খতিয়ে দেখছেন এবং দ্রুত ফলাফল জানানো হবে বলে জানিয়েছেন। এলাকাবাসী এ বিষয়ে সন্তোষ প্রকাশ করেছেন। বাংলাদেশের বিভিন্ন এলাকায় নানা ঘটনার খবর পাওয়া গেছে। স্থানীয় প্রশাসন জানিয়েছে, পরিস্থিতি নিয়ন্ত্রণে রাখতে প্রয়োজনীয় ব্যবস্থা নেওয়া হয়েছে। সংশ্লিষ্ট কর্মকর্তারা বিষয়টি খতিয়ে দেখছেন এবং দ্রুত ফলাফল জানানো হবে বলে জানিয়েছেন। এলাকাবাসী এ বিষয়ে সন্তোষ প্রকাশ করেছেন।
ডেঙ্গুতে একদিনে হাসপাতালে ভর্তি হলো ৫৭, মৃত্যু আরও ১ জনের
বাংলাদেশের বিভিন্ন এলাকায় নানা ঘটনার খবর পাওয়া গেছে। স্থানীয় প্রশাসন জানিয়েছে, পরিস্থিতি নিয়ন্ত্রণে রাখতে প্রয়োজনীয় ব্যবস্থা নেওয়া হয়েছে। সংশ্লিষ্ট কর্মকর্তারা বিষয়টি খতিয়ে দেখছেন এবং দ্রুত ফলাফল জানানো হবে বলে জানিয়েছেন। এলাকাবাসী এ বিষয়ে সন্তোষ প্রকাশ করেছেন। বাংলাদেশের বিভিন্ন এলাকায় নানা ঘটনার খবর পাওয়া গেছে। স্থানীয় প্রশাসন জানিয়েছে, পরিস্থিতি নিয়ন্ত্রণে রাখতে প্রয়োজনীয় ব্যবস্থা নেওয়া হয়েছে। সংশ্লিষ্ট কর্মকর্তারা বিষয়টি খতিয়ে দেখছেন এবং দ্রুত ফলাফল জানানো হবে বলে জানিয়েছেন। এলাকাবাসী এ বিষয়ে সন্তোষ প্রকাশ করেছেন। বাংলাদেশের বিভিন্ন এলাকায়
